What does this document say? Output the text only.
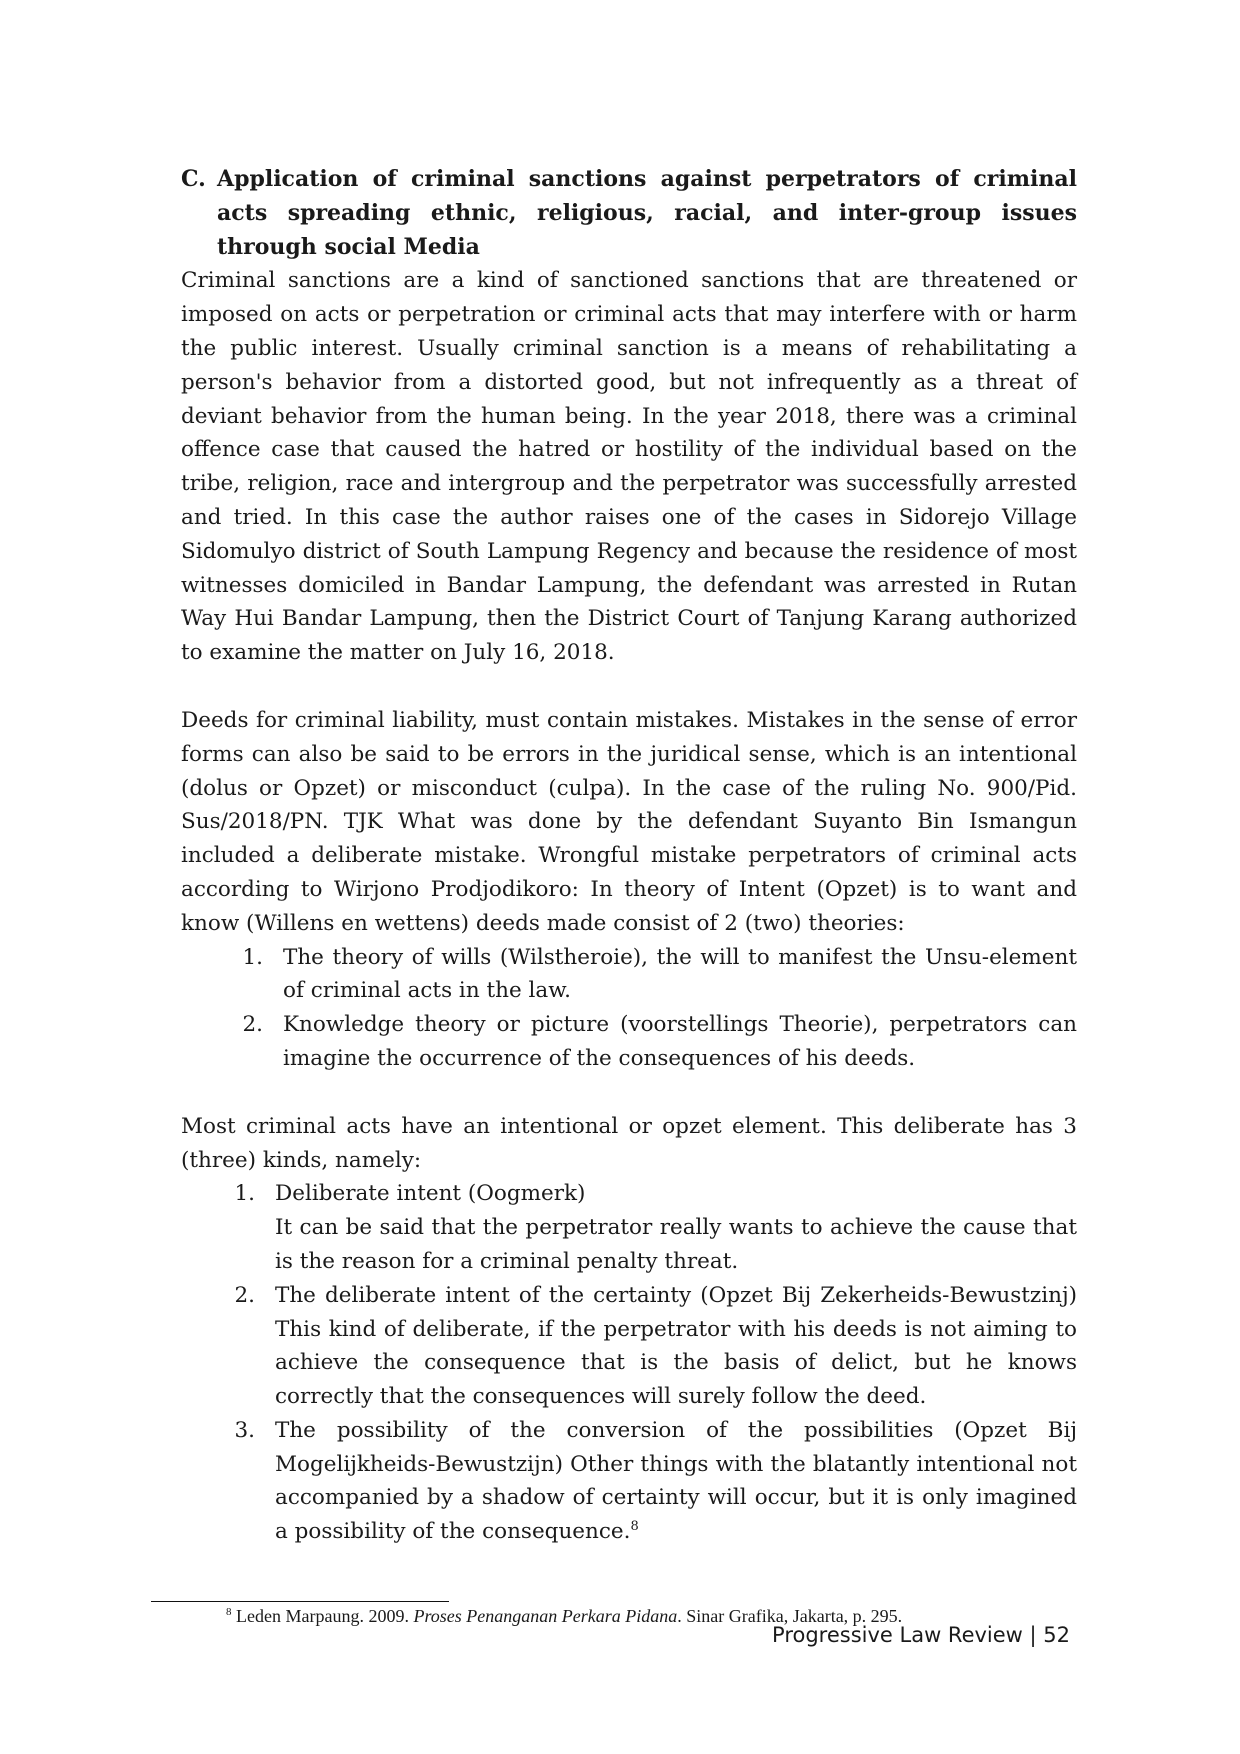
C. Application of criminal sanctions against perpetrators of criminal acts spreading ethnic, religious, racial, and inter-group issues through social Media

Criminal sanctions are a kind of sanctioned sanctions that are threatened or imposed on acts or perpetration or criminal acts that may interfere with or harm the public interest. Usually criminal sanction is a means of rehabilitating a person's behavior from a distorted good, but not infrequently as a threat of deviant behavior from the human being. In the year 2018, there was a criminal offence case that caused the hatred or hostility of the individual based on the tribe, religion, race and intergroup and the perpetrator was successfully arrested and tried. In this case the author raises one of the cases in Sidorejo Village Sidomulyo district of South Lampung Regency and because the residence of most witnesses domiciled in Bandar Lampung, the defendant was arrested in Rutan Way Hui Bandar Lampung, then the District Court of Tanjung Karang authorized to examine the matter on July 16, 2018.

Deeds for criminal liability, must contain mistakes. Mistakes in the sense of error forms can also be said to be errors in the juridical sense, which is an intentional (dolus or Opzet) or misconduct (culpa). In the case of the ruling No. 900/Pid. Sus/2018/PN. TJK What was done by the defendant Suyanto Bin Ismangun included a deliberate mistake. Wrongful mistake perpetrators of criminal acts according to Wirjono Prodjodikoro: In theory of Intent (Opzet) is to want and know (Willens en wettens) deeds made consist of 2 (two) theories:

1. The theory of wills (Wilstheroie), the will to manifest the Unsu-element of criminal acts in the law.
2. Knowledge theory or picture (voorstellings Theorie), perpetrators can imagine the occurrence of the consequences of his deeds.

Most criminal acts have an intentional or opzet element. This deliberate has 3 (three) kinds, namely:

1. Deliberate intent (Oogmerk)
It can be said that the perpetrator really wants to achieve the cause that is the reason for a criminal penalty threat.
2. The deliberate intent of the certainty (Opzet Bij Zekerheids-Bewustzinj) This kind of deliberate, if the perpetrator with his deeds is not aiming to achieve the consequence that is the basis of delict, but he knows correctly that the consequences will surely follow the deed.
3. The possibility of the conversion of the possibilities (Opzet Bij Mogelijkheids-Bewustzijn) Other things with the blatantly intentional not accompanied by a shadow of certainty will occur, but it is only imagined a possibility of the consequence.$^8$
$^8$ Leden Marpaung. 2009. Proses Penanganan Perkara Pidana. Sinar Grafika, Jakarta, p. 295.
Progressive Law Review | 52
